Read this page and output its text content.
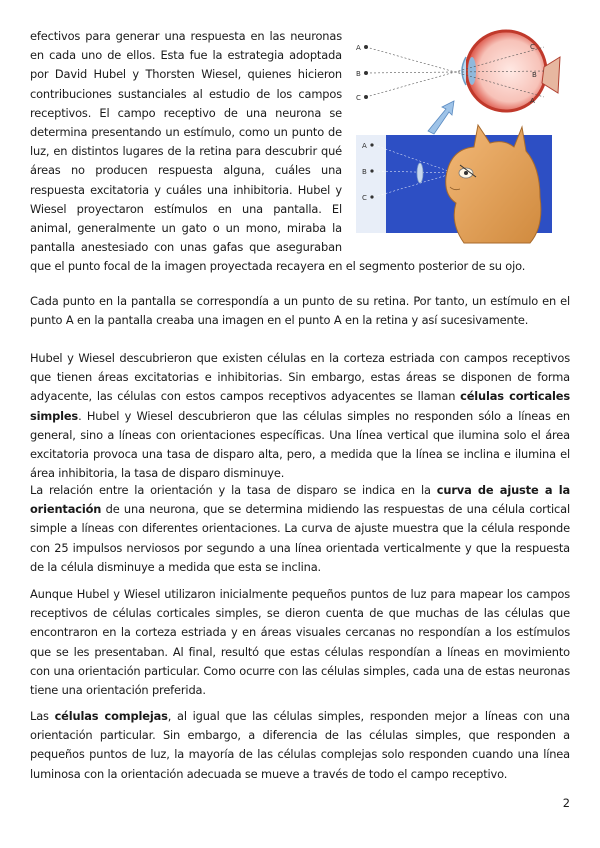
A
B
C
C
B
A
A
B
C

efectivos para generar una respuesta en las neuronas en cada uno de ellos. Esta fue la estrategia adoptada por David Hubel y Thorsten Wiesel, quienes hicieron contribuciones sustanciales al estudio de los campos receptivos. El campo receptivo de una neurona se determina presentando un estímulo, como un punto de luz, en distintos lugares de la retina para descubrir qué áreas no producen respuesta alguna, cuáles una respuesta excitatoria y cuáles una inhibitoria. Hubel y Wiesel proyectaron estímulos en una pantalla. El animal, generalmente un gato o un mono, miraba la pantalla anestesiado con unas gafas que aseguraban que el punto focal de la imagen proyectada recayera en el segmento posterior de su ojo.

Cada punto en la pantalla se correspondía a un punto de su retina. Por tanto, un estímulo en el punto A en la pantalla creaba una imagen en el punto A en la retina y así sucesivamente.

Hubel y Wiesel descubrieron que existen células en la corteza estriada con campos receptivos que tienen áreas excitatorias e inhibitorias. Sin embargo, estas áreas se disponen de forma adyacente, las células con estos campos receptivos adyacentes se llaman células corticales simples. Hubel y Wiesel descubrieron que las células simples no responden sólo a líneas en general, sino a líneas con orientaciones específicas. Una línea vertical que ilumina solo el área excitatoria provoca una tasa de disparo alta, pero, a medida que la línea se inclina e ilumina el área inhibitoria, la tasa de disparo disminuye.

La relación entre la orientación y la tasa de disparo se indica en la curva de ajuste a la orientación de una neurona, que se determina midiendo las respuestas de una célula cortical simple a líneas con diferentes orientaciones. La curva de ajuste muestra que la célula responde con 25 impulsos nerviosos por segundo a una línea orientada verticalmente y que la respuesta de la célula disminuye a medida que esta se inclina.

Aunque Hubel y Wiesel utilizaron inicialmente pequeños puntos de luz para mapear los campos receptivos de células corticales simples, se dieron cuenta de que muchas de las células que encontraron en la corteza estriada y en áreas visuales cercanas no respondían a los estímulos que se les presentaban. Al final, resultó que estas células respondían a líneas en movimiento con una orientación particular. Como ocurre con las células simples, cada una de estas neuronas tiene una orientación preferida.

Las células complejas, al igual que las células simples, responden mejor a líneas con una orientación particular. Sin embargo, a diferencia de las células simples, que responden a pequeños puntos de luz, la mayoría de las células complejas solo responden cuando una línea luminosa con la orientación adecuada se mueve a través de todo el campo receptivo.

2
